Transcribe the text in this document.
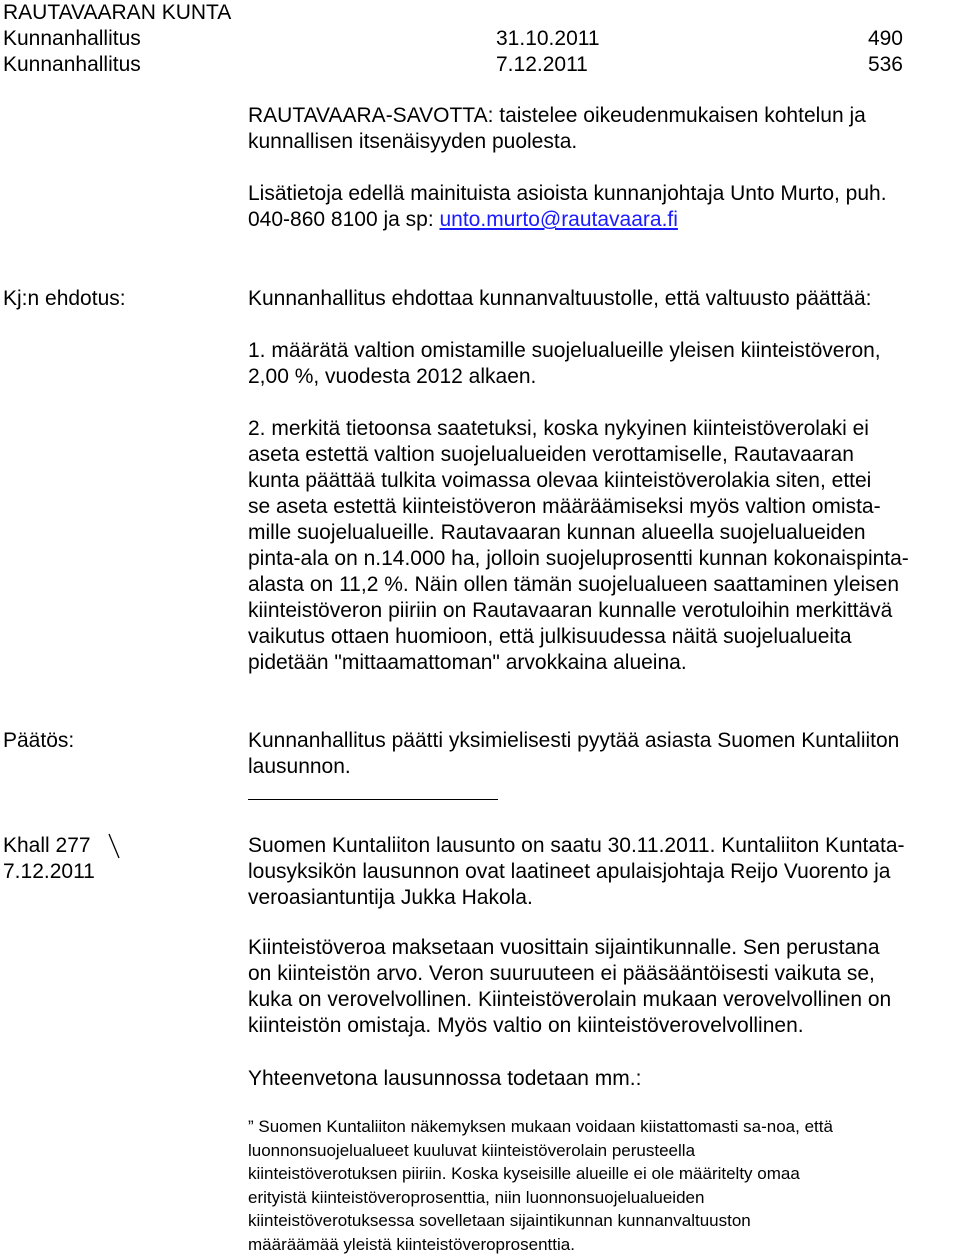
RAUTAVAARAN KUNTA
Kunnanhallitus	31.10.2011	490
Kunnanhallitus	7.12.2011	536
RAUTAVAARA-SAVOTTA: taistelee oikeudenmukaisen kohtelun ja
kunnallisen itsenäisyyden puolesta.
Lisätietoja edellä mainituista asioista kunnanjohtaja Unto Murto, puh.
040-860 8100 ja sp: unto.murto@rautavaara.fi
Kj:n ehdotus:	Kunnanhallitus ehdottaa kunnanvaltuustolle, että valtuusto päättää:
1. määrätä valtion omistamille suojelualueille yleisen kiinteistöveron,
2,00 %, vuodesta 2012 alkaen.
2. merkitä tietoonsa saatetuksi, koska nykyinen kiinteistöverolaki ei
aseta estettä valtion suojelualueiden verottamiselle, Rautavaaran
kunta päättää tulkita voimassa olevaa kiinteistöverolakia siten, ettei
se aseta estettä kiinteistöveron määräämiseksi myös valtion omista-
mille suojelualueille. Rautavaaran kunnan alueella suojelualueiden
pinta-ala on n.14.000 ha, jolloin suojeluprosentti kunnan kokonaispinta-
alasta on 11,2 %. Näin ollen tämän suojelualueen saattaminen yleisen
kiinteistöveron piiriin on Rautavaaran kunnalle verotuloihin merkittävä
vaikutus ottaen huomioon, että julkisuudessa näitä suojelualueita
pidetään "mittaamattoman" arvokkaina alueina.
Päätös:	Kunnanhallitus päätti yksimielisesti pyytää asiasta Suomen Kuntaliiton
lausunnon.
Khall 277
7.12.2011
Suomen Kuntaliiton lausunto on saatu 30.11.2011. Kuntaliiton Kuntata-
lousyksikön lausunnon ovat laatineet apulaisjohtaja Reijo Vuorento ja
veroasiantuntija Jukka Hakola.
Kiinteistöveroa maksetaan vuosittain sijaintikunnalle. Sen perustana
on kiinteistön arvo. Veron suuruuteen ei pääsääntöisesti vaikuta se,
kuka on verovelvollinen. Kiinteistöverolain mukaan verovelvollinen on
kiinteistön omistaja. Myös valtio on kiinteistöverovelvollinen.
Yhteenvetona lausunnossa todetaan mm.:
” Suomen Kuntaliiton näkemyksen mukaan voidaan kiistattomasti sa-noa, että
luonnonsuojelualueet kuuluvat kiinteistöverolain perusteella
kiinteistöverotuksen piiriin. Koska kyseisille alueille ei ole määritelty omaa
erityistä kiinteistöveroprosenttia, niin luonnonsuojelualueiden
kiinteistöverotuksessa sovelletaan sijaintikunnan kunnanvaltuuston
määräämää yleistä kiinteistöveroprosenttia.
